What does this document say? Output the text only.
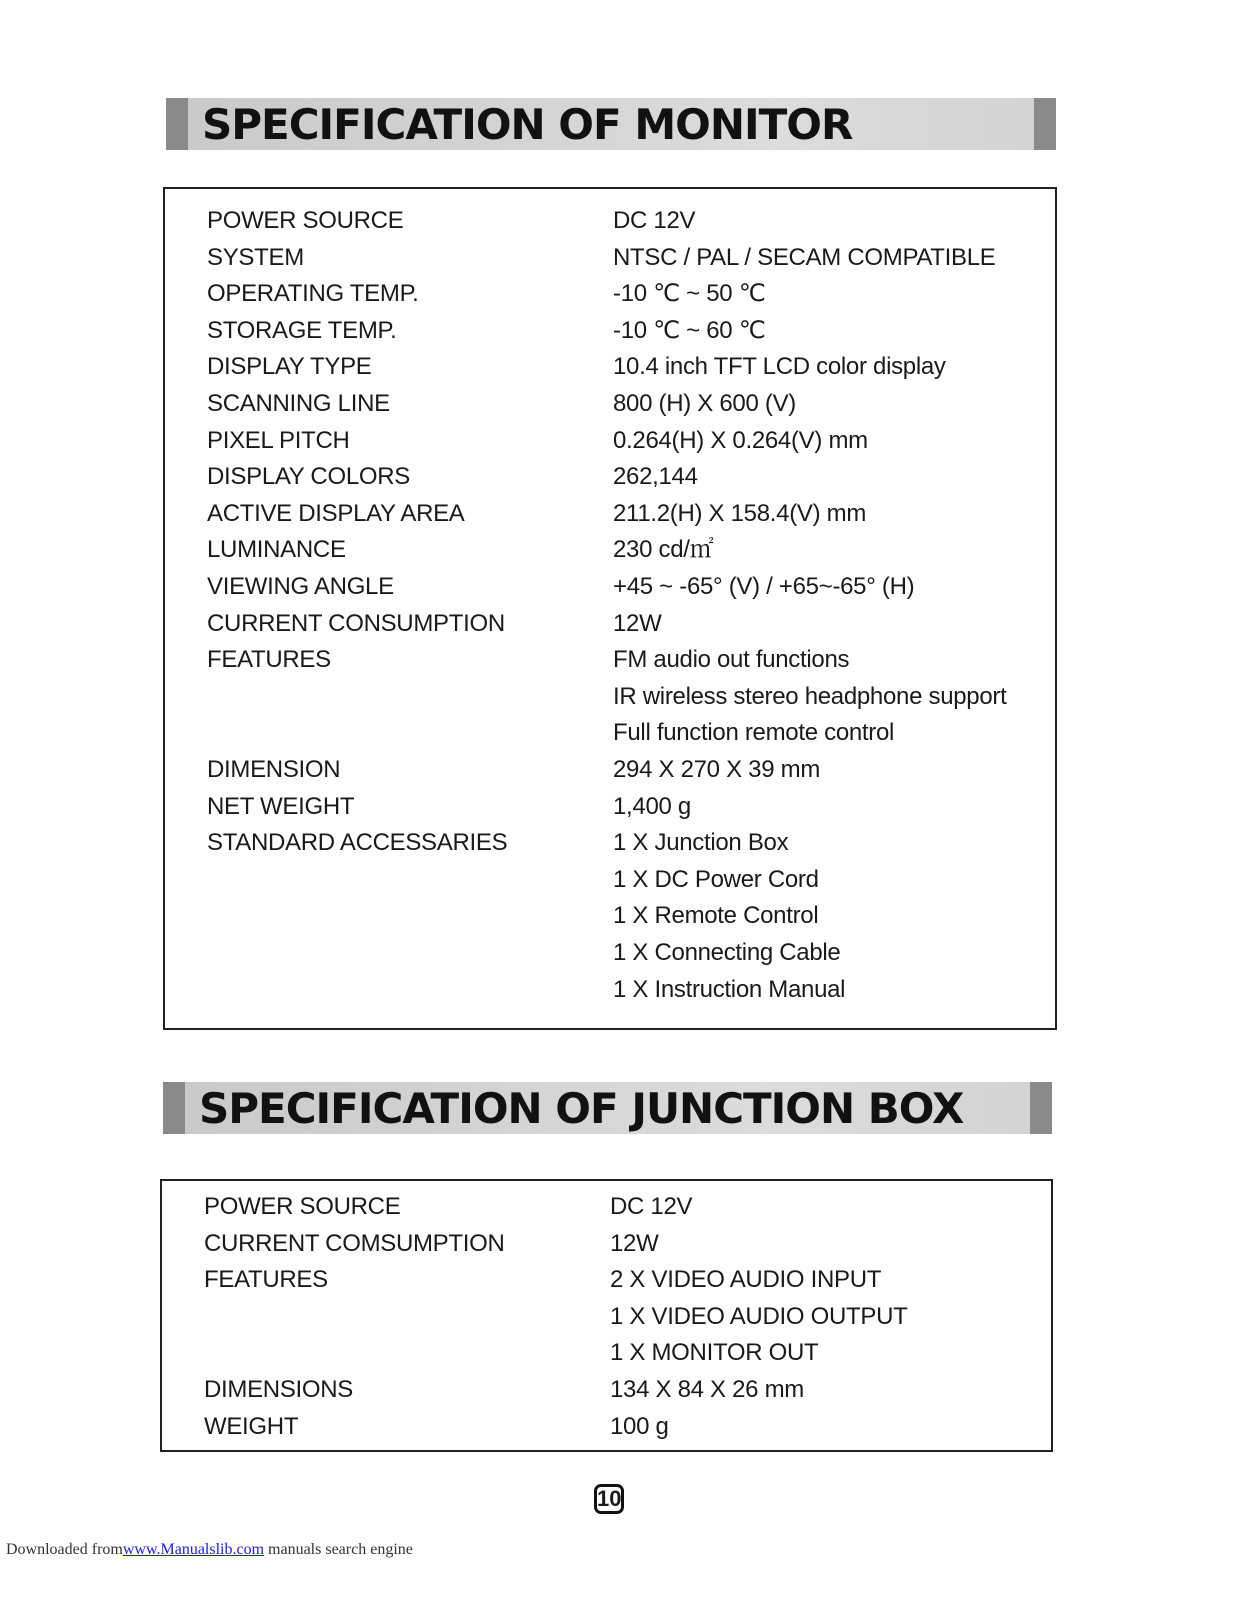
SPECIFICATION OF MONITOR
POWER SOURCE	DC 12V
SYSTEM	NTSC / PAL / SECAM COMPATIBLE
OPERATING TEMP.	-10 ℃ ~ 50 ℃
STORAGE TEMP.	-10 ℃ ~ 60 ℃
DISPLAY TYPE	10.4 inch TFT LCD color display
SCANNING LINE	800 (H) X 600 (V)
PIXEL PITCH	0.264(H) X 0.264(V) mm
DISPLAY COLORS	262,144
ACTIVE DISPLAY AREA	211.2(H) X 158.4(V) mm
LUMINANCE	230 cd/㎡
VIEWING ANGLE	+45 ~ -65° (V) / +65~-65° (H)
CURRENT CONSUMPTION	12W
FEATURES	FM audio out functions
IR wireless stereo headphone support
Full function remote control
DIMENSION	294 X 270 X 39 mm
NET WEIGHT	1,400 g
STANDARD ACCESSARIES	1 X Junction Box
1 X DC Power Cord
1 X Remote Control
1 X Connecting Cable
1 X Instruction Manual
SPECIFICATION OF JUNCTION BOX
POWER SOURCE	DC 12V
CURRENT COMSUMPTION	12W
FEATURES	2 X VIDEO AUDIO INPUT
1 X VIDEO AUDIO OUTPUT
1 X MONITOR OUT
DIMENSIONS	134 X 84 X 26 mm
WEIGHT	100 g
10
Downloaded fromwww.Manualslib.com manuals search engine
